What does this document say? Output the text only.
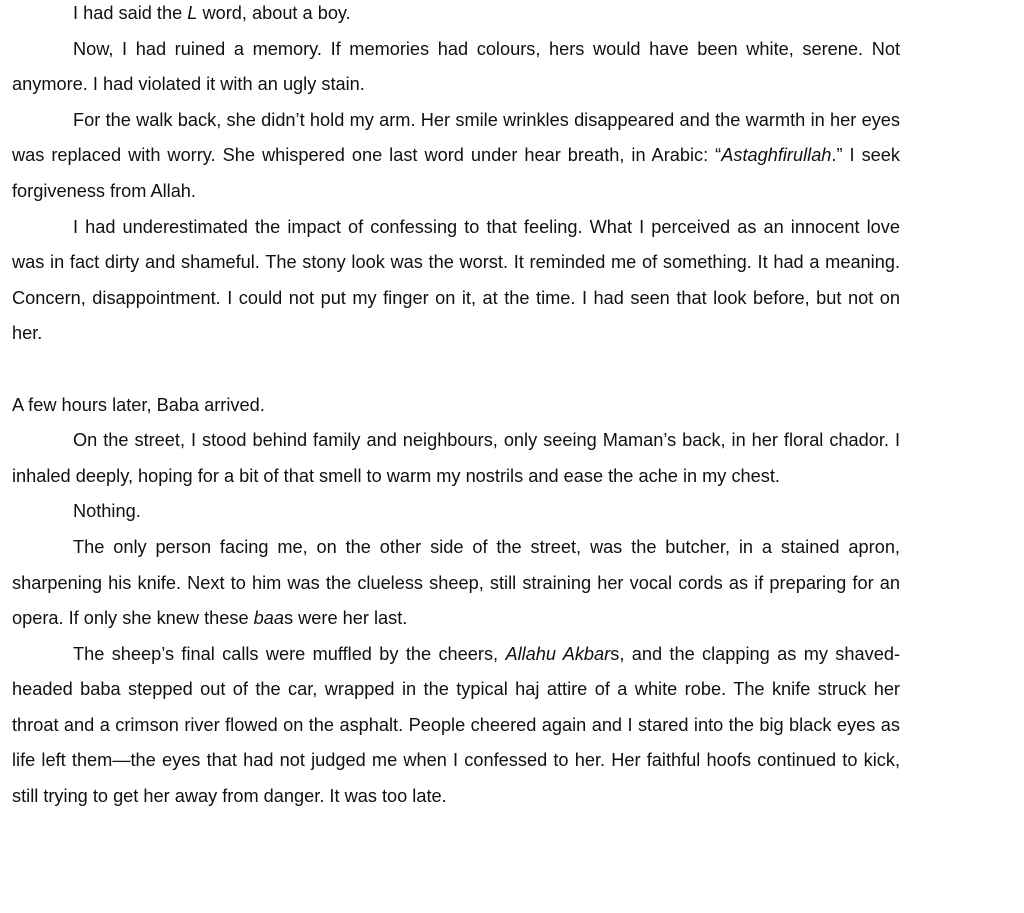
I had said the L word, about a boy.

Now, I had ruined a memory. If memories had colours, hers would have been white, serene. Not anymore. I had violated it with an ugly stain.

For the walk back, she didn’t hold my arm. Her smile wrinkles disappeared and the warmth in her eyes was replaced with worry. She whispered one last word under hear breath, in Arabic: “Astaghfirullah.” I seek forgiveness from Allah.

I had underestimated the impact of confessing to that feeling. What I perceived as an innocent love was in fact dirty and shameful. The stony look was the worst. It reminded me of something. It had a meaning. Concern, disappointment. I could not put my finger on it, at the time. I had seen that look before, but not on her.

A few hours later, Baba arrived.

On the street, I stood behind family and neighbours, only seeing Maman’s back, in her floral chador. I inhaled deeply, hoping for a bit of that smell to warm my nostrils and ease the ache in my chest.

Nothing.

The only person facing me, on the other side of the street, was the butcher, in a stained apron, sharpening his knife. Next to him was the clueless sheep, still straining her vocal cords as if preparing for an opera. If only she knew these baas were her last.

The sheep’s final calls were muffled by the cheers, Allahu Akbars, and the clapping as my shaved-headed baba stepped out of the car, wrapped in the typical haj attire of a white robe. The knife struck her throat and a crimson river flowed on the asphalt. People cheered again and I stared into the big black eyes as life left them—the eyes that had not judged me when I confessed to her. Her faithful hoofs continued to kick, still trying to get her away from danger. It was too late.
